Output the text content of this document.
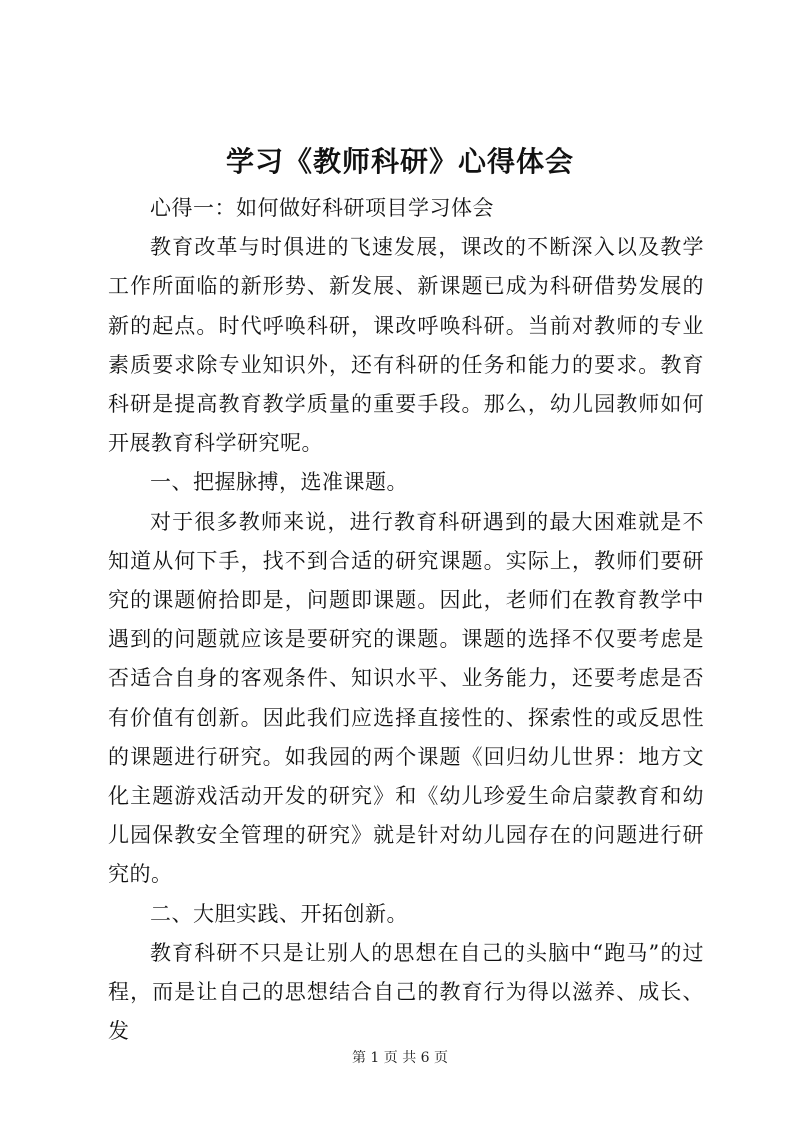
学习《教师科研》心得体会

心得一：如何做好科研项目学习体会

教育改革与时俱进的飞速发展，课改的不断深入以及教学工作所面临的新形势、新发展、新课题已成为科研借势发展的新的起点。时代呼唤科研，课改呼唤科研。当前对教师的专业素质要求除专业知识外，还有科研的任务和能力的要求。教育科研是提高教育教学质量的重要手段。那么，幼儿园教师如何开展教育科学研究呢。

一、把握脉搏，选准课题。

对于很多教师来说，进行教育科研遇到的最大困难就是不知道从何下手，找不到合适的研究课题。实际上，教师们要研究的课题俯拾即是，问题即课题。因此，老师们在教育教学中遇到的问题就应该是要研究的课题。课题的选择不仅要考虑是否适合自身的客观条件、知识水平、业务能力，还要考虑是否有价值有创新。因此我们应选择直接性的、探索性的或反思性的课题进行研究。如我园的两个课题《回归幼儿世界：地方文化主题游戏活动开发的研究》和《幼儿珍爱生命启蒙教育和幼儿园保教安全管理的研究》就是针对幼儿园存在的问题进行研究的。

二、大胆实践、开拓创新。

教育科研不只是让别人的思想在自己的头脑中“跑马”的过程，而是让自己的思想结合自己的教育行为得以滋养、成长、发

第 1 页 共 6 页
